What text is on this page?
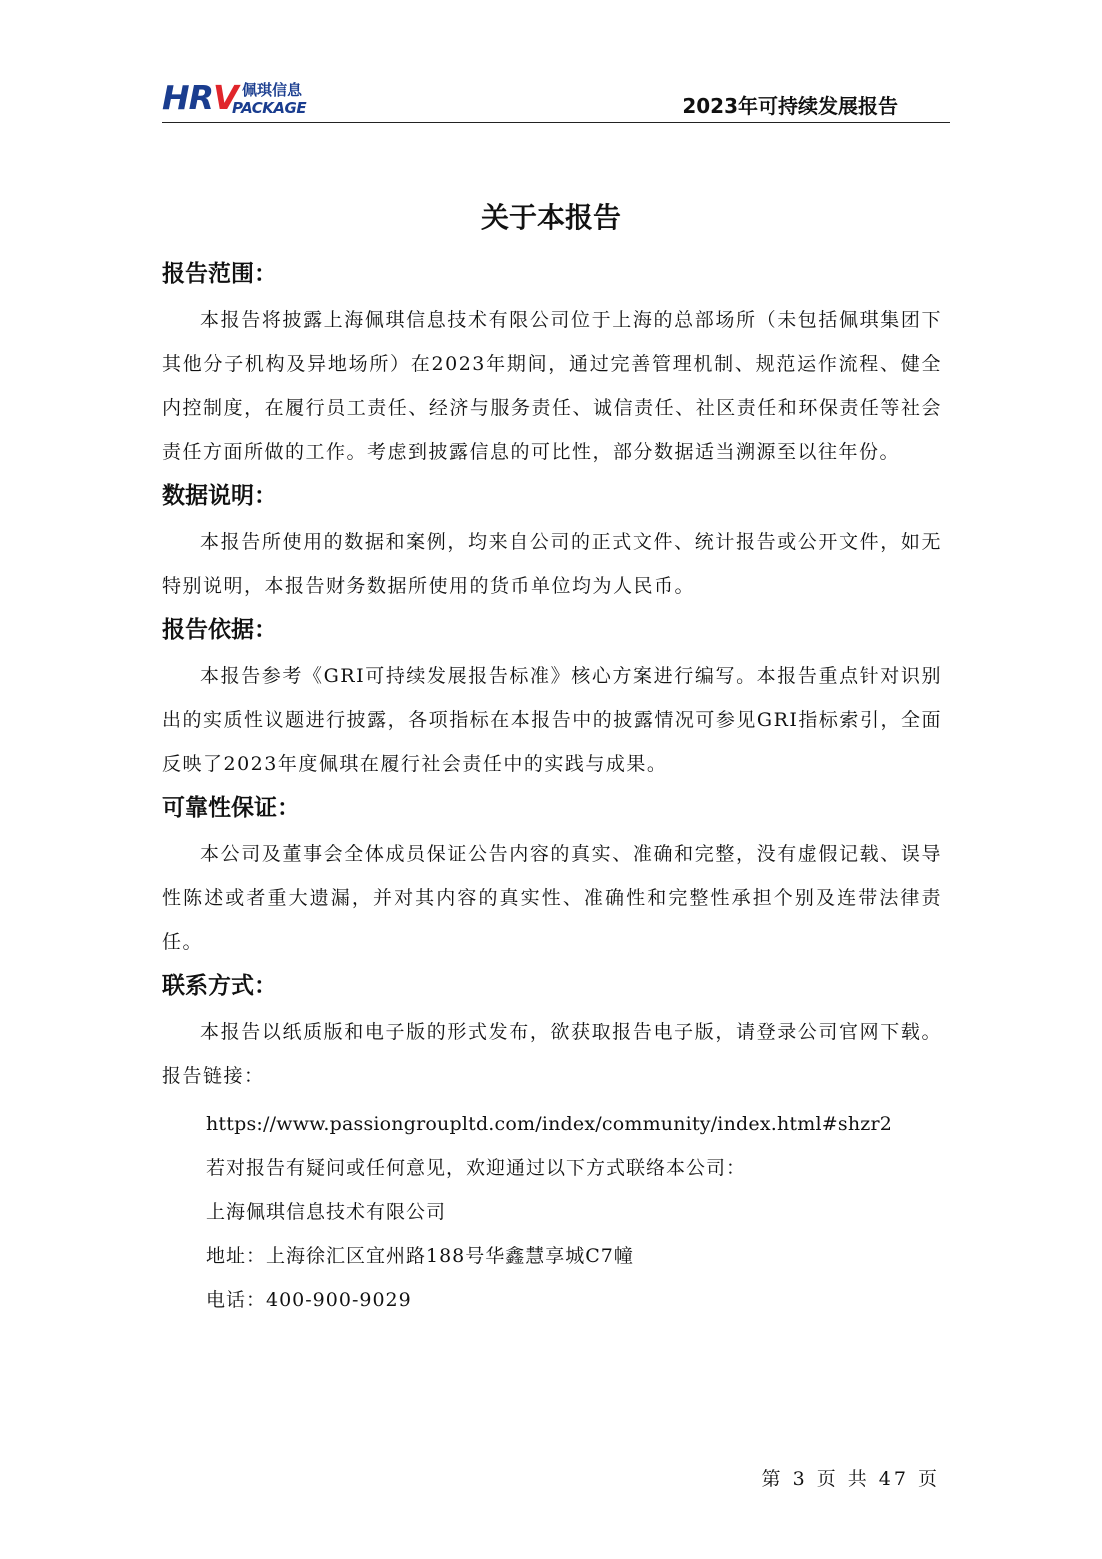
HRV 佩琪信息
PACKAGE	2023年可持续发展报告
关于本报告
报告范围：

本报告将披露上海佩琪信息技术有限公司位于上海的总部场所（未包括佩琪集团下其他分子机构及异地场所）在2023年期间，通过完善管理机制、规范运作流程、健全内控制度，在履行员工责任、经济与服务责任、诚信责任、社区责任和环保责任等社会责任方面所做的工作。考虑到披露信息的可比性，部分数据适当溯源至以往年份。

数据说明：

本报告所使用的数据和案例，均来自公司的正式文件、统计报告或公开文件，如无特别说明，本报告财务数据所使用的货币单位均为人民币。

报告依据：

本报告参考《GRI可持续发展报告标准》核心方案进行编写。本报告重点针对识别出的实质性议题进行披露，各项指标在本报告中的披露情况可参见GRI指标索引，全面反映了2023年度佩琪在履行社会责任中的实践与成果。

可靠性保证：

本公司及董事会全体成员保证公告内容的真实、准确和完整，没有虚假记载、误导性陈述或者重大遗漏，并对其内容的真实性、准确性和完整性承担个别及连带法律责任。

联系方式：

本报告以纸质版和电子版的形式发布，欲获取报告电子版，请登录公司官网下载。报告链接：

https://www.passiongroupltd.com/index/community/index.html#shzr2
若对报告有疑问或任何意见，欢迎通过以下方式联络本公司：
上海佩琪信息技术有限公司
地址：上海徐汇区宜州路188号华鑫慧享城C7幢
电话：400-900-9029
第 3 页 共 47 页
